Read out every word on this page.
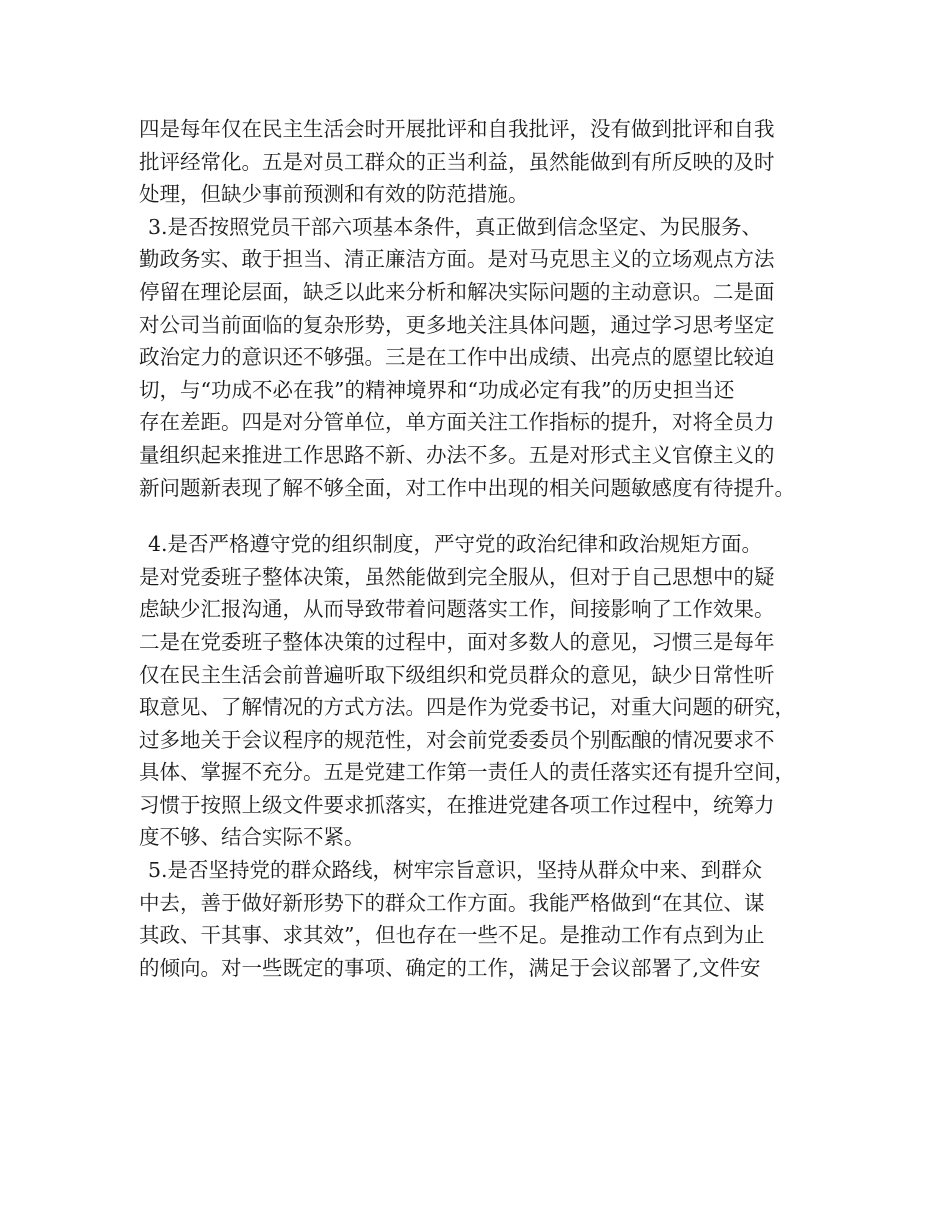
四是每年仅在民主生活会时开展批评和自我批评，没有做到批评和自我
批评经常化。五是对员工群众的正当利益，虽然能做到有所反映的及时
处理，但缺少事前预测和有效的防范措施。
3.是否按照党员干部六项基本条件，真正做到信念坚定、为民服务、
勤政务实、敢于担当、清正廉洁方面。是对马克思主义的立场观点方法
停留在理论层面，缺乏以此来分析和解决实际问题的主动意识。二是面
对公司当前面临的复杂形势，更多地关注具体问题，通过学习思考坚定
政治定力的意识还不够强。三是在工作中出成绩、出亮点的愿望比较迫
切，与“功成不必在我”的精神境界和“功成必定有我”的历史担当还
存在差距。四是对分管单位，单方面关注工作指标的提升，对将全员力
量组织起来推进工作思路不新、办法不多。五是对形式主义官僚主义的
新问题新表现了解不够全面，对工作中出现的相关问题敏感度有待提升。
4.是否严格遵守党的组织制度，严守党的政治纪律和政治规矩方面。
是对党委班子整体决策，虽然能做到完全服从，但对于自己思想中的疑
虑缺少汇报沟通，从而导致带着问题落实工作，间接影响了工作效果。
二是在党委班子整体决策的过程中，面对多数人的意见，习惯三是每年
仅在民主生活会前普遍听取下级组织和党员群众的意见，缺少日常性听
取意见、了解情况的方式方法。四是作为党委书记，对重大问题的研究，
过多地关于会议程序的规范性，对会前党委委员个别酝酿的情况要求不
具体、掌握不充分。五是党建工作第一责任人的责任落实还有提升空间，
习惯于按照上级文件要求抓落实，在推进党建各项工作过程中，统筹力
度不够、结合实际不紧。
5.是否坚持党的群众路线，树牢宗旨意识，坚持从群众中来、到群众
中去，善于做好新形势下的群众工作方面。我能严格做到“在其位、谋
其政、干其事、求其效”，但也存在一些不足。是推动工作有点到为止
的倾向。对一些既定的事项、确定的工作，满足于会议部署了,文件安
